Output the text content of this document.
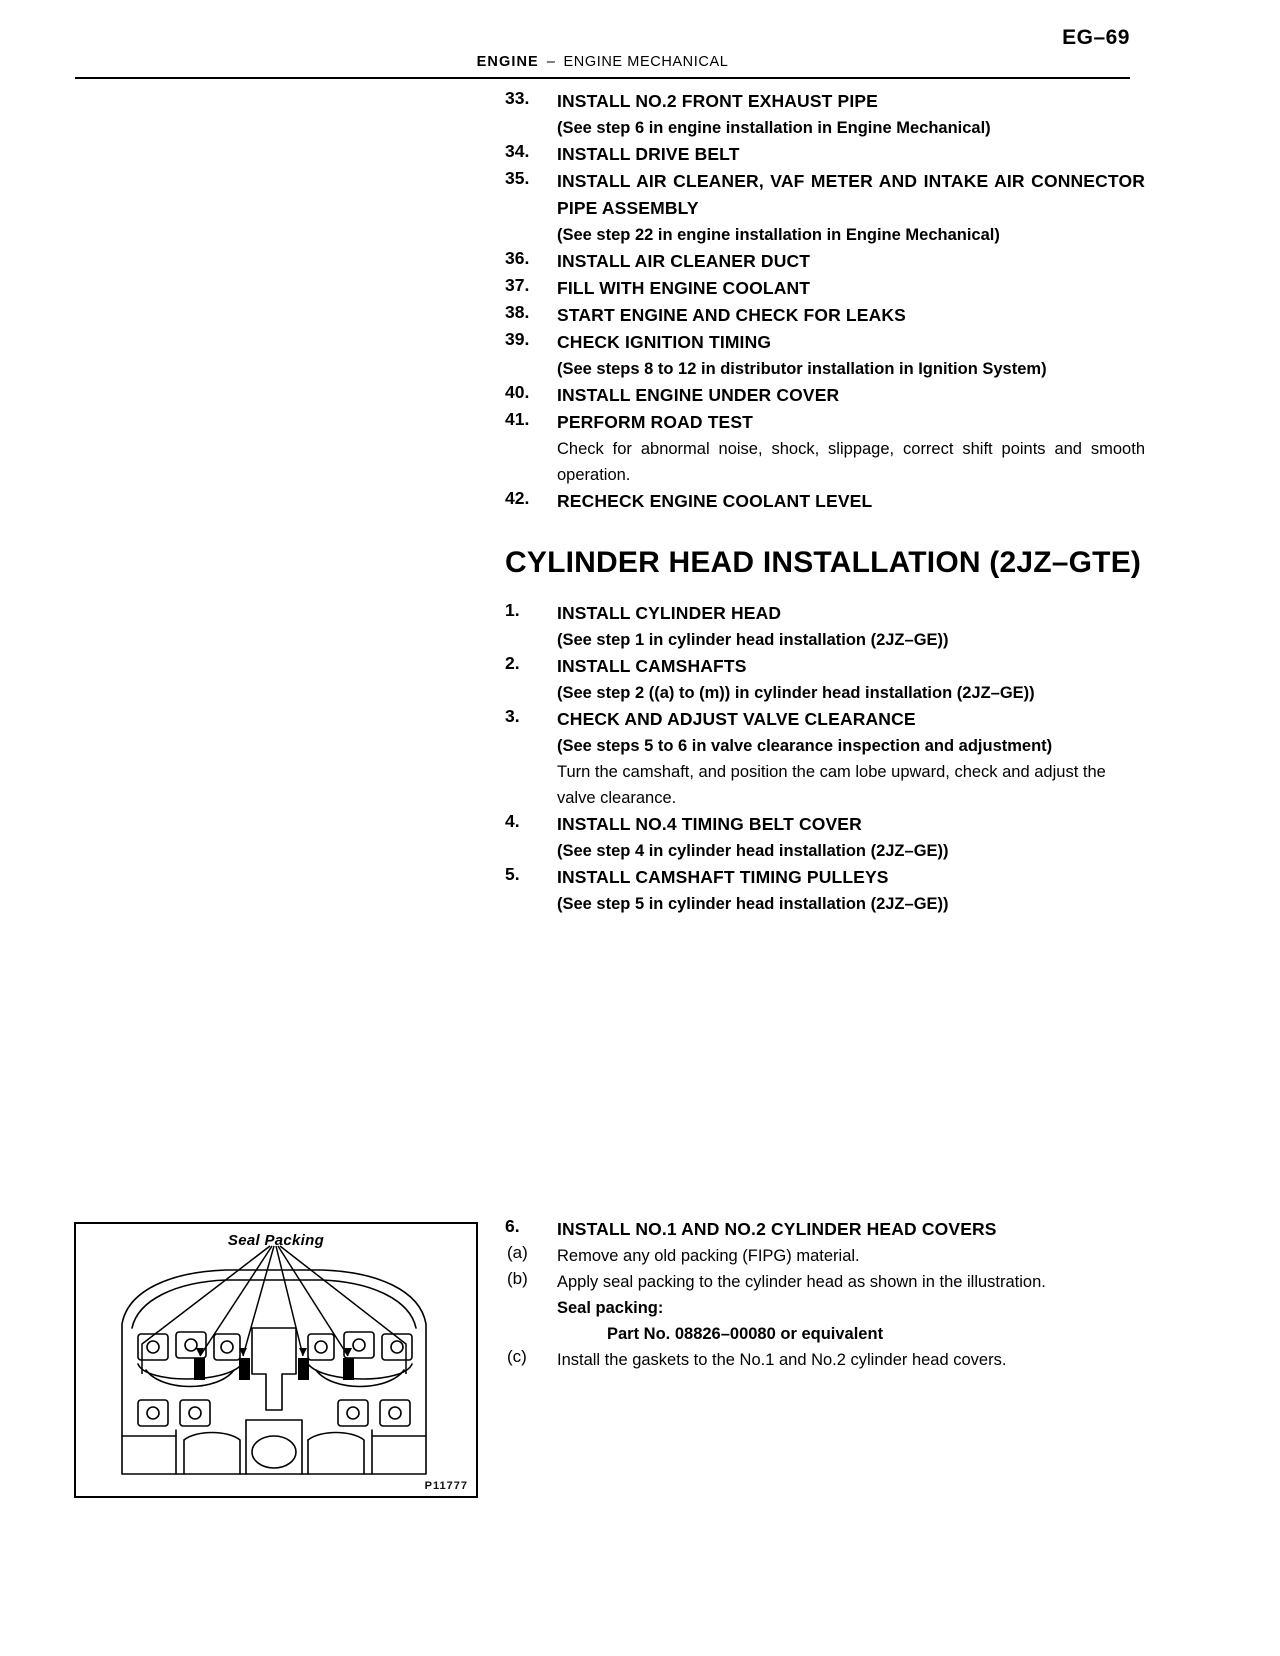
EG–69
ENGINE – ENGINE MECHANICAL
33.	INSTALL NO.2 FRONT EXHAUST PIPE
(See step 6 in engine installation in Engine Mechanical)
34.	INSTALL DRIVE BELT
35.	INSTALL AIR CLEANER, VAF METER AND INTAKE AIR CONNECTOR PIPE ASSEMBLY
(See step 22 in engine installation in Engine Mechanical)
36.	INSTALL AIR CLEANER DUCT
37.	FILL WITH ENGINE COOLANT
38.	START ENGINE AND CHECK FOR LEAKS
39.	CHECK IGNITION TIMING
(See steps 8 to 12 in distributor installation in Ignition System)
40.	INSTALL ENGINE UNDER COVER
41.	PERFORM ROAD TEST
Check for abnormal noise, shock, slippage, correct shift points and smooth operation.
42.	RECHECK ENGINE COOLANT LEVEL
CYLINDER HEAD INSTALLATION (2JZ–GTE)
1.	INSTALL CYLINDER HEAD
(See step 1 in cylinder head installation (2JZ–GE))
2.	INSTALL CAMSHAFTS
(See step 2 ((a) to (m)) in cylinder head installation (2JZ–GE))
3.	CHECK AND ADJUST VALVE CLEARANCE
(See steps 5 to 6 in valve clearance inspection and adjustment)
Turn the camshaft, and position the cam lobe upward, check and adjust the valve clearance.
4.	INSTALL NO.4 TIMING BELT COVER
(See step 4 in cylinder head installation (2JZ–GE))
5.	INSTALL CAMSHAFT TIMING PULLEYS
(See step 5 in cylinder head installation (2JZ–GE))
6.	INSTALL NO.1 AND NO.2 CYLINDER HEAD COVERS
(a)	Remove any old packing (FIPG) material.
(b)	Apply seal packing to the cylinder head as shown in the illustration.
Seal packing:
Part No. 08826–00080 or equivalent
(c)	Install the gaskets to the No.1 and No.2 cylinder head covers.
Seal Packing
P11777
